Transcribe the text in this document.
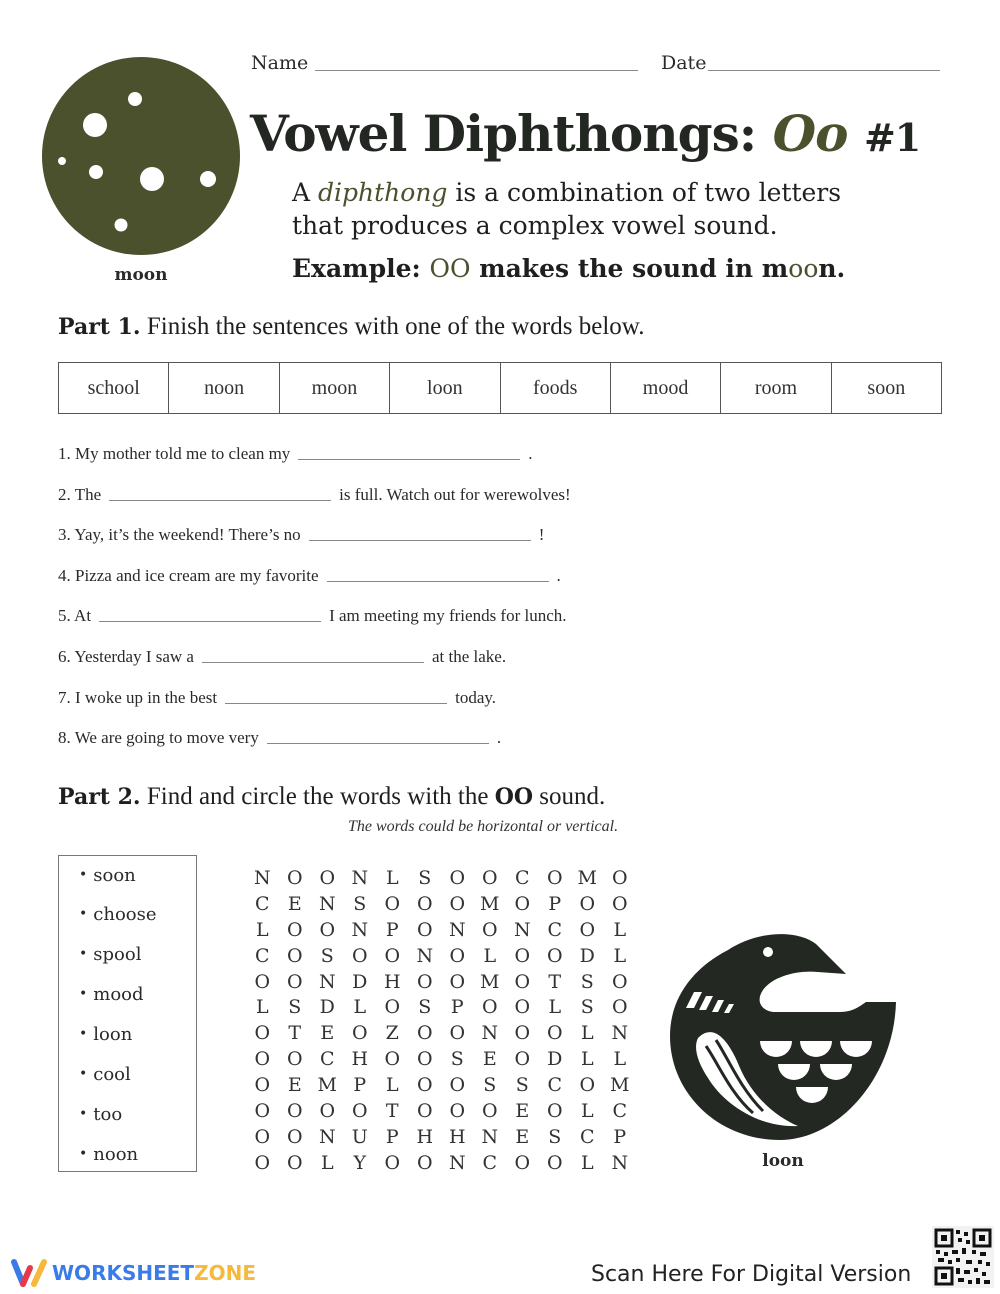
moon
Name	Date
Vowel Diphthongs: Oo #1
A diphthong is a combination of two letters
that produces a complex vowel sound.
Example: OO makes the sound in moon.
Part 1. Finish the sentences with one of the words below.
school	noon	moon	loon	foods	mood	room	soon
1. My mother told me to clean my	.
2. The	is full. Watch out for werewolves!
3. Yay, it’s the weekend! There’s no	!
4. Pizza and ice cream are my favorite	.
5. At	I am meeting my friends for lunch.
6. Yesterday I saw a	at the lake.
7. I woke up in the best	today.
8. We are going to move very	.
Part 2. Find and circle the words with the OO sound.
The words could be horizontal or vertical.
• soon
• choose
• spool
• mood
• loon
• cool
• too
• noon
N O O N L	S O O C O M O
C E N S O O O M O P O O
L O O N P O N O N C O L
C O S O O N O L O O D L
O O N D H O O M O T	S O
L	S D L O S	P O O L	S O
O T	E O Z O O N O O L N
O O C H O O S	E O D L	L
O E M P	L O O S	S C O M
O O O O T O O O E O L C
O O N U P H H N E	S C P
O O L	Y O O N C O O L N	loon
WORKSHEET ZONE	Scan Here For Digital Version
